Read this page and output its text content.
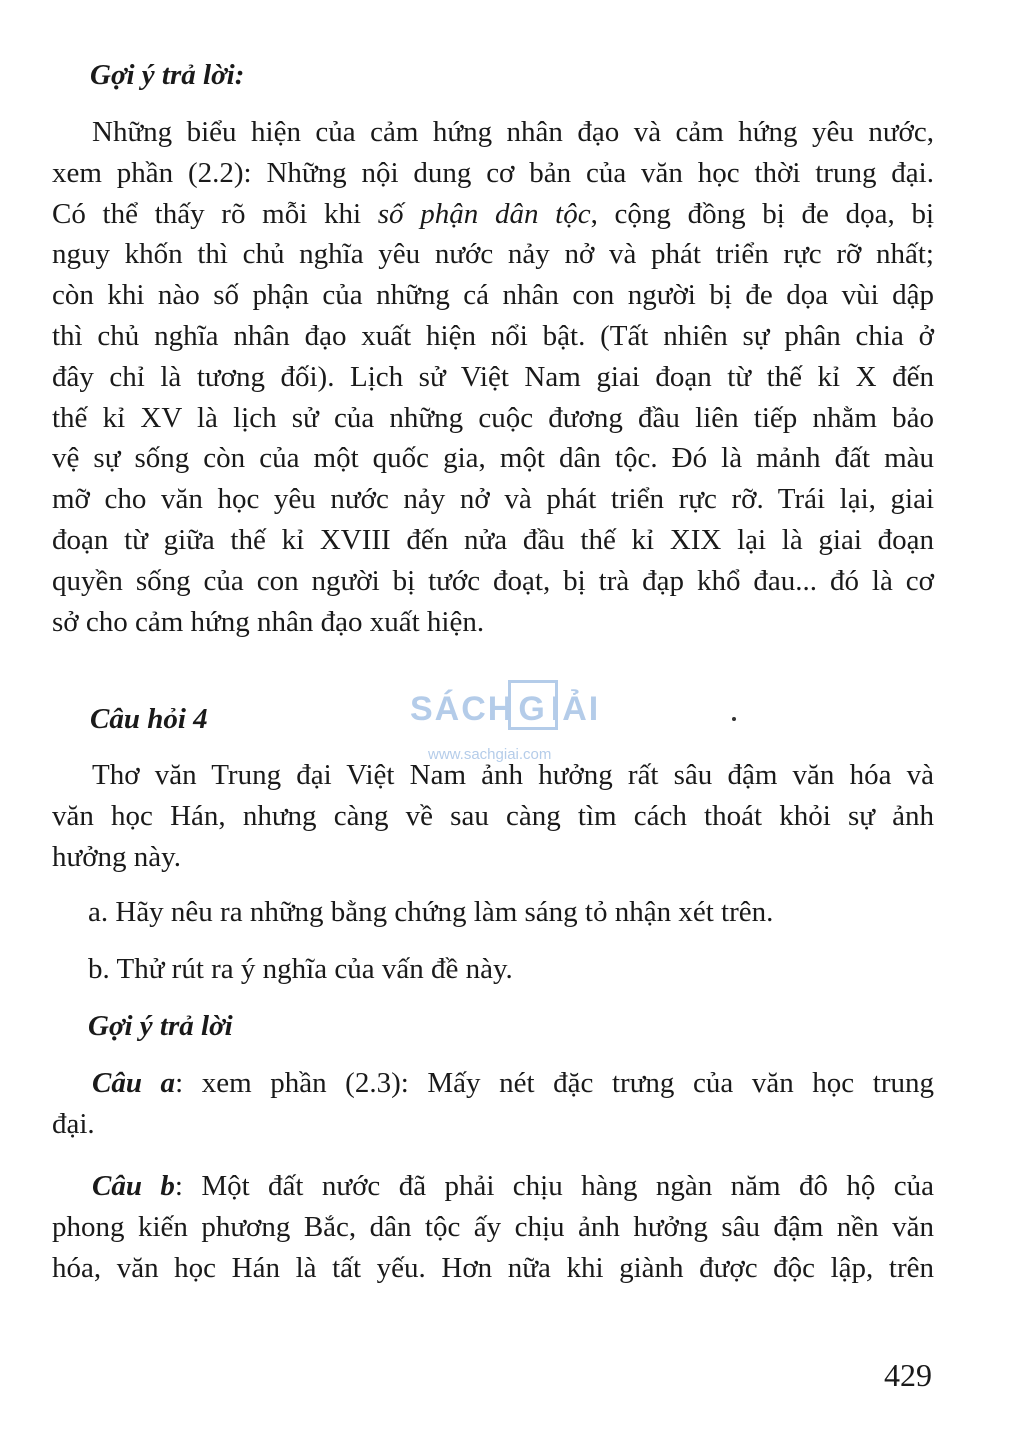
Gợi ý trả lời:
Những biểu hiện của cảm hứng nhân đạo và cảm hứng yêu nước,
xem phần (2.2): Những nội dung cơ bản của văn học thời trung đại.
Có thể thấy rõ mỗi khi số phận dân tộc, cộng đồng bị đe dọa, bị
nguy khốn thì chủ nghĩa yêu nước nảy nở và phát triển rực rỡ nhất;
còn khi nào số phận của những cá nhân con người bị đe dọa vùi dập
thì chủ nghĩa nhân đạo xuất hiện nổi bật. (Tất nhiên sự phân chia ở
đây chỉ là tương đối). Lịch sử Việt Nam giai đoạn từ thế kỉ X đến
thế kỉ XV là lịch sử của những cuộc đương đầu liên tiếp nhằm bảo
vệ sự sống còn của một quốc gia, một dân tộc. Đó là mảnh đất màu
mỡ cho văn học yêu nước nảy nở và phát triển rực rỡ. Trái lại, giai
đoạn từ giữa thế kỉ XVIII đến nửa đầu thế kỉ XIX lại là giai đoạn
quyền sống của con người bị tước đoạt, bị trà đạp khổ đau... đó là cơ
sở cho cảm hứng nhân đạo xuất hiện.
Câu hỏi 4	SÁCH G IẢI
www.sachgiai.com
Thơ văn Trung đại Việt Nam ảnh hưởng rất sâu đậm văn hóa và
văn học Hán, nhưng càng về sau càng tìm cách thoát khỏi sự ảnh
hưởng này.
a. Hãy nêu ra những bằng chứng làm sáng tỏ nhận xét trên.
b. Thử rút ra ý nghĩa của vấn đề này.
Gợi ý trả lời
Câu a: xem phần (2.3): Mấy nét đặc trưng của văn học trung
đại.
Câu b: Một đất nước đã phải chịu hàng ngàn năm đô hộ của
phong kiến phương Bắc, dân tộc ấy chịu ảnh hưởng sâu đậm nền văn
hóa, văn học Hán là tất yếu. Hơn nữa khi giành được độc lập, trên
429
